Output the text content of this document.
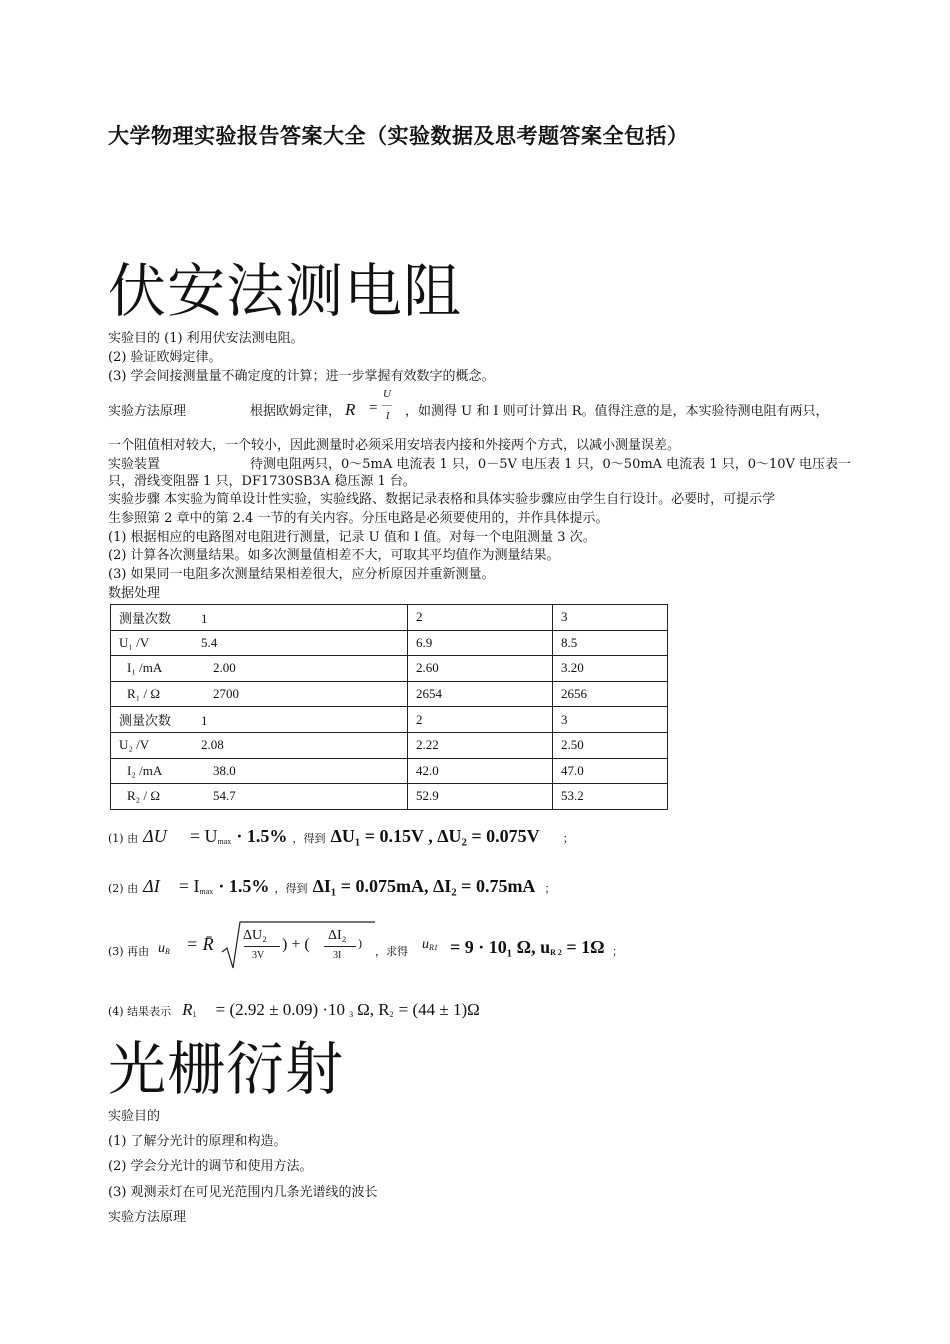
大学物理实验报告答案大全（实验数据及思考题答案全包括）
伏安法测电阻
实验目的 (1) 利用伏安法测电阻。
(2) 验证欧姆定律。
(3) 学会间接测量量不确定度的计算；进一步掌握有效数字的概念。
实验方法原理	根据欧姆定律， R =
U
I ，如测得 U 和 I 则可计算出 R。值得注意的是，本实验待测电阻有两只，
一个阻值相对较大，一个较小，因此测量时必须采用安培表内接和外接两个方式，以减小测量误差。
实验装置	待测电阻两只，0～5mA 电流表 1 只，0－5V 电压表 1 只，0～50mA 电流表 1 只，0～10V 电压表一
只，滑线变阻器 1 只，DF1730SB3A 稳压源 1 台。
实验步骤 本实验为简单设计性实验，实验线路、数据记录表格和具体实验步骤应由学生自行设计。必要时，可提示学
生参照第 2 章中的第 2.4 一节的有关内容。分压电路是必须要使用的，并作具体提示。
(1) 根据相应的电路图对电阻进行测量，记录 U 值和 I 值。对每一个电阻测量 3 次。
(2) 计算各次测量结果。如多次测量值相差不大，可取其平均值作为测量结果。
(3) 如果同一电阻多次测量结果相差很大，应分析原因并重新测量。
数据处理
测量次数 1	2	3
U₁ /V 5.4	6.9	8.5
I₁ /mA 2.00	2.60	3.20
R₁ / Ω 2700	2654	2656
测量次数 1	2	3
U₂ /V 2.08	2.22	2.50
I₂ /mA 38.0	42.0	47.0
R₂ / Ω 54.7	52.9	53.2
(1) 由 $\Delta U = U_{max} \cdot 1.5\%$ ，得到 ΔU₁ = 0.15V , ΔU₂ = 0.075V ；
(2) 由 $\Delta I = I_{max} \cdot 1.5\%$ ，得到 ΔI₁ = 0.075mA, ΔI₂ = 0.75mA ；
(3) 再由 $u_R$ = R̄ ΔU₂
3V
) + (
ΔI₂
3I
)
，求得 $u_{R1} = 9 \cdot 10_1$ Ω, $u_{R 2} = 1\Omega$ ；
(4) 结果表示 $R_1 = (2.92 \pm 0.09) \cdot 10$ $_3$ Ω, $R_2 = (44 \pm 1)\Omega$
光栅衍射
实验目的
(1) 了解分光计的原理和构造。
(2) 学会分光计的调节和使用方法。
(3) 观测汞灯在可见光范围内几条光谱线的波长
实验方法原理
